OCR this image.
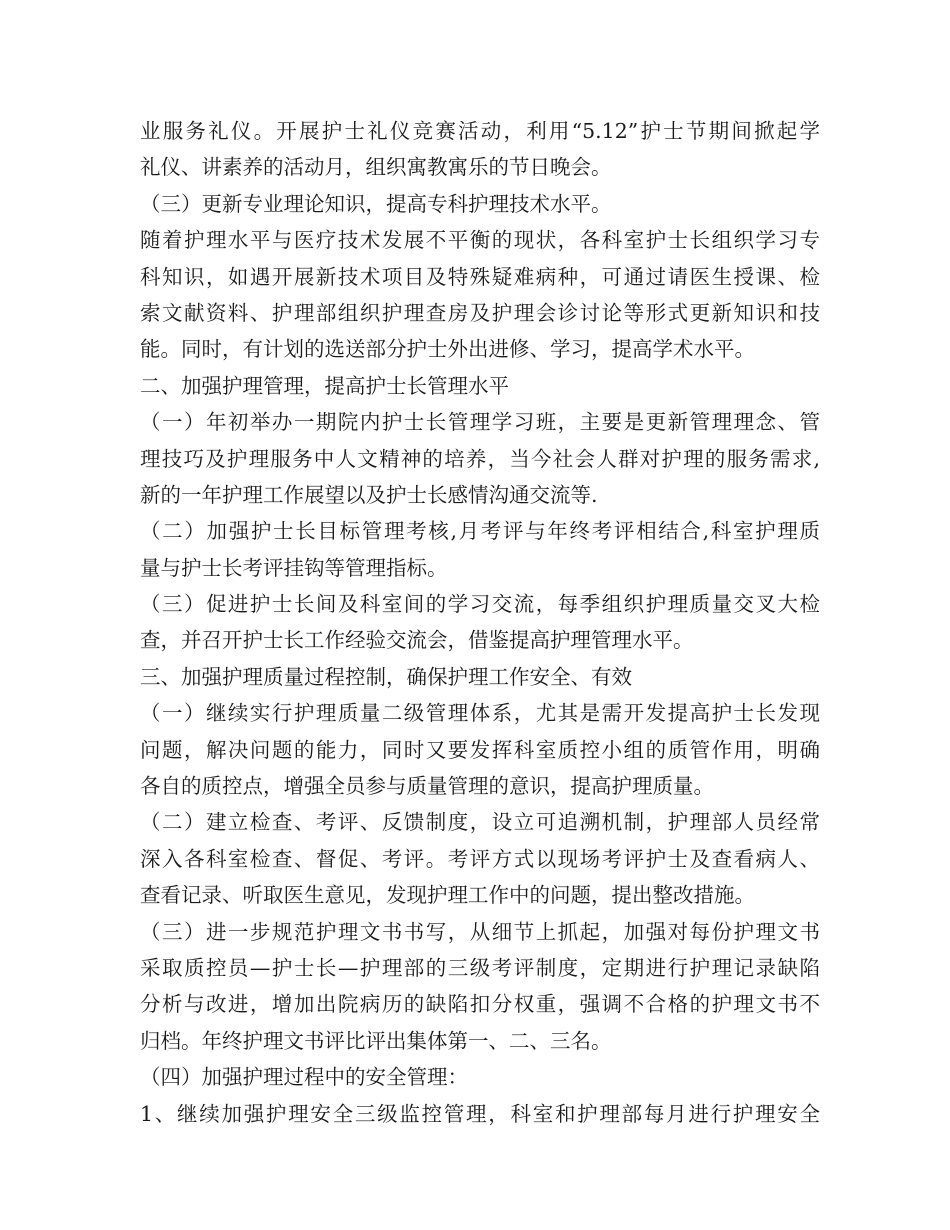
业服务礼仪。开展护士礼仪竞赛活动，利用“5.12”护士节期间掀起学
礼仪、讲素养的活动月，组织寓教寓乐的节日晚会。
（三）更新专业理论知识，提高专科护理技术水平。
随着护理水平与医疗技术发展不平衡的现状，各科室护士长组织学习专
科知识，如遇开展新技术项目及特殊疑难病种，可通过请医生授课、检
索文献资料、护理部组织护理查房及护理会诊讨论等形式更新知识和技
能。同时，有计划的选送部分护士外出进修、学习，提高学术水平。
二、加强护理管理，提高护士长管理水平
（一）年初举办一期院内护士长管理学习班，主要是更新管理理念、管
理技巧及护理服务中人文精神的培养，当今社会人群对护理的服务需求,
新的一年护理工作展望以及护士长感情沟通交流等.
（二）加强护士长目标管理考核,月考评与年终考评相结合,科室护理质
量与护士长考评挂钩等管理指标。
（三）促进护士长间及科室间的学习交流，每季组织护理质量交叉大检
查，并召开护士长工作经验交流会，借鉴提高护理管理水平。
三、加强护理质量过程控制，确保护理工作安全、有效
（一）继续实行护理质量二级管理体系，尤其是需开发提高护士长发现
问题，解决问题的能力，同时又要发挥科室质控小组的质管作用，明确
各自的质控点，增强全员参与质量管理的意识，提高护理质量。
（二）建立检查、考评、反馈制度，设立可追溯机制，护理部人员经常
深入各科室检查、督促、考评。考评方式以现场考评护士及查看病人、
查看记录、听取医生意见，发现护理工作中的问题，提出整改措施。
（三）进一步规范护理文书书写，从细节上抓起，加强对每份护理文书
采取质控员—护士长—护理部的三级考评制度，定期进行护理记录缺陷
分析与改进，增加出院病历的缺陷扣分权重，强调不合格的护理文书不
归档。年终护理文书评比评出集体第一、二、三名。
（四）加强护理过程中的安全管理：
1、继续加强护理安全三级监控管理，科室和护理部每月进行护理安全
